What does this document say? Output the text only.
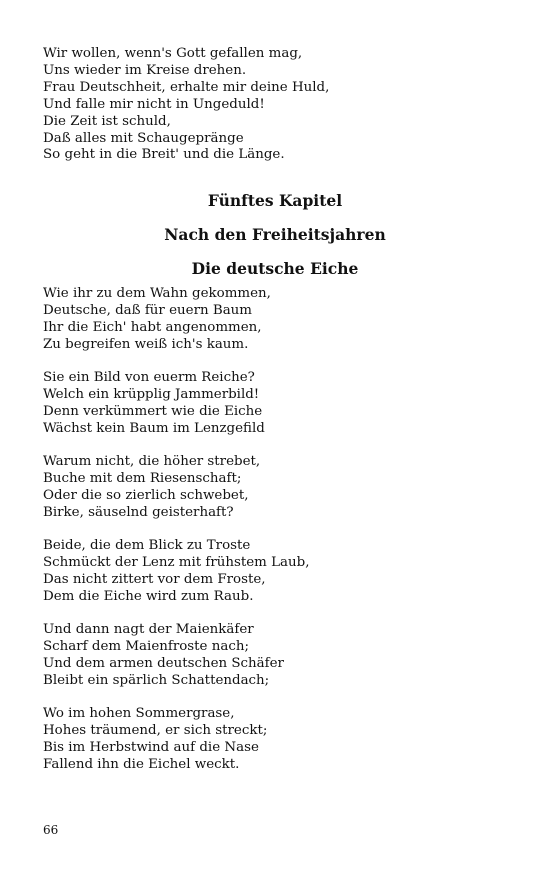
Wir wollen, wenn's Gott gefallen mag,
Uns wieder im Kreise drehen.
Frau Deutschheit, erhalte mir deine Huld,
Und falle mir nicht in Ungeduld!
Die Zeit ist schuld,
Daß alles mit Schaugepränge
So geht in die Breit' und die Länge.
Fünftes Kapitel
Nach den Freiheitsjahren
Die deutsche Eiche
Wie ihr zu dem Wahn gekommen,
Deutsche, daß für euern Baum
Ihr die Eich' habt angenommen,
Zu begreifen weiß ich's kaum.
Sie ein Bild von euerm Reiche?
Welch ein krüpplig Jammerbild!
Denn verkümmert wie die Eiche
Wächst kein Baum im Lenzgefild
Warum nicht, die höher strebet,
Buche mit dem Riesenschaft;
Oder die so zierlich schwebet,
Birke, säuselnd geisterhaft?
Beide, die dem Blick zu Troste
Schmückt der Lenz mit frühstem Laub,
Das nicht zittert vor dem Froste,
Dem die Eiche wird zum Raub.
Und dann nagt der Maienkäfer
Scharf dem Maienfroste nach;
Und dem armen deutschen Schäfer
Bleibt ein spärlich Schattendach;
Wo im hohen Sommergrase,
Hohes träumend, er sich streckt;
Bis im Herbstwind auf die Nase
Fallend ihn die Eichel weckt.
66
